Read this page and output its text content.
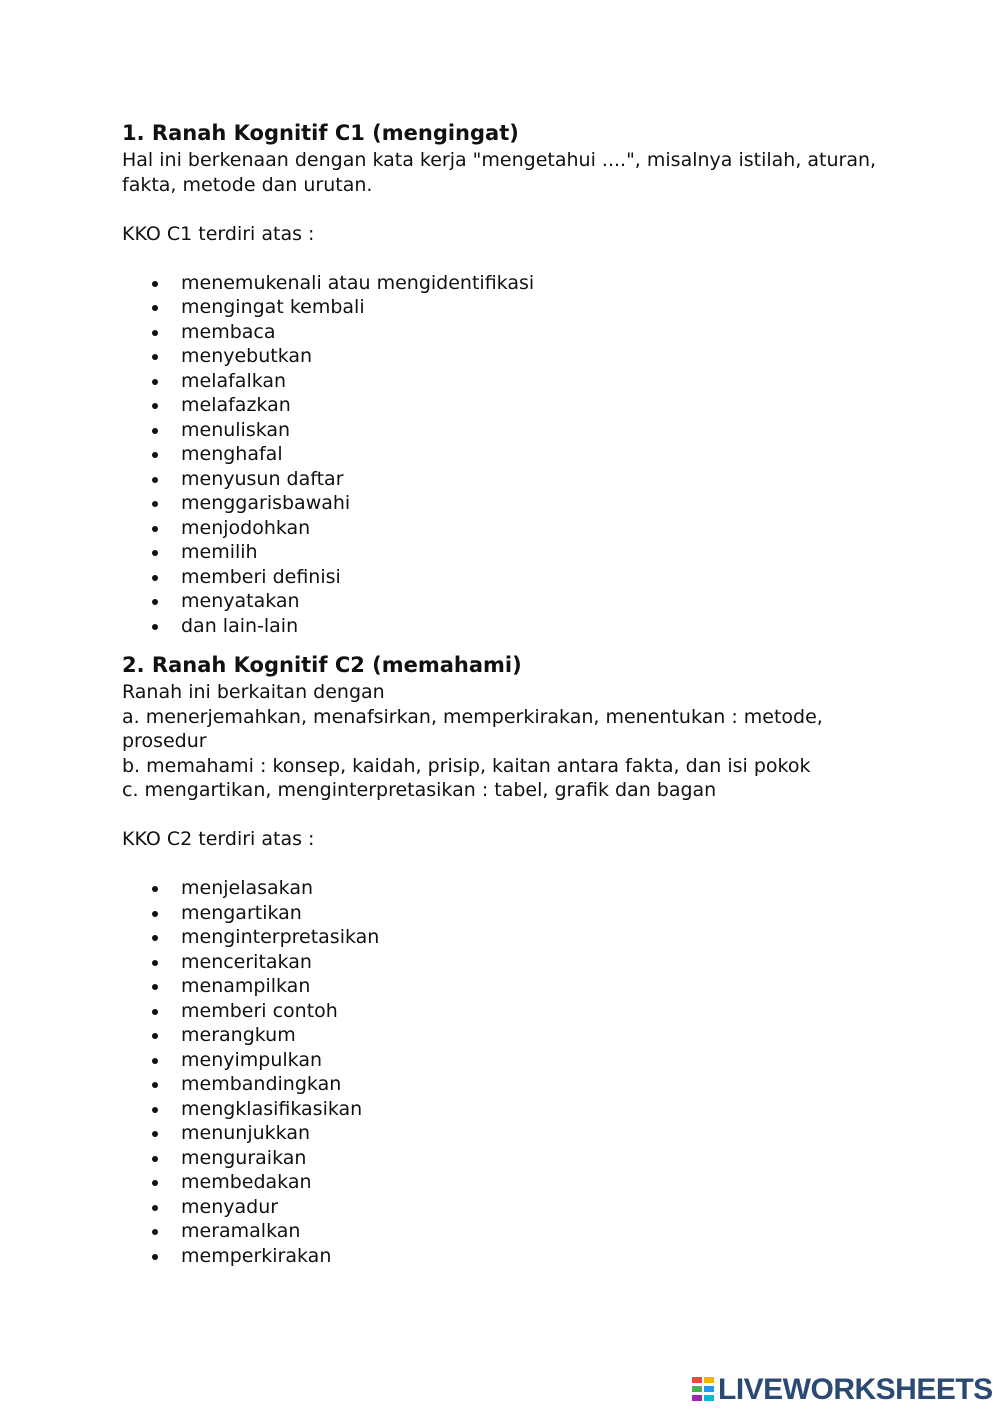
1. Ranah Kognitif C1 (mengingat)

Hal ini berkenaan dengan kata kerja "mengetahui ....", misalnya istilah, aturan, fakta, metode dan urutan.

KKO C1 terdiri atas :

menemukenali atau mengidentifikasi
mengingat kembali
membaca
menyebutkan
melafalkan
melafazkan
menuliskan
menghafal
menyusun daftar
menggarisbawahi
menjodohkan
memilih
memberi definisi
menyatakan
dan lain-lain
2. Ranah Kognitif C2 (memahami)

Ranah ini berkaitan dengan

a. menerjemahkan, menafsirkan, memperkirakan, menentukan : metode, prosedur

b. memahami : konsep, kaidah, prisip, kaitan antara fakta, dan isi pokok

c. mengartikan, menginterpretasikan : tabel, grafik dan bagan

KKO C2 terdiri atas :

menjelasakan
mengartikan
menginterpretasikan
menceritakan
menampilkan
memberi contoh
merangkum
menyimpulkan
membandingkan
mengklasifikasikan
menunjukkan
menguraikan
membedakan
menyadur
meramalkan
memperkirakan
LIVEWORKSHEETS
